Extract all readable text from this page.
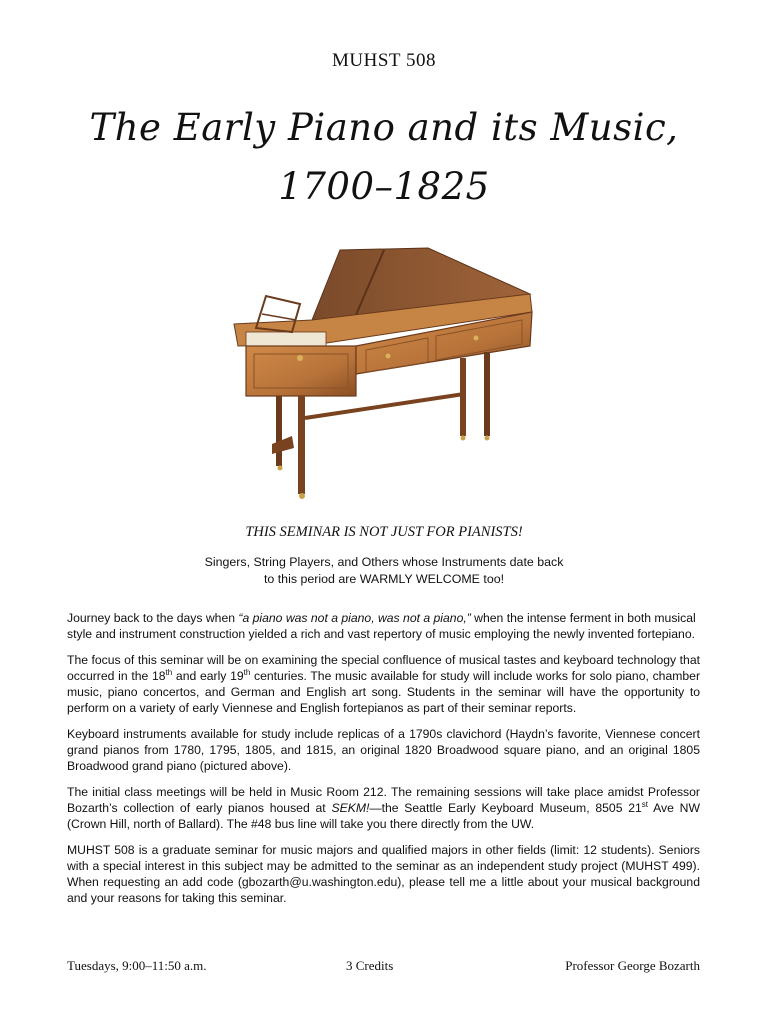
MUHST 508
The Early Piano and its Music,
1700–1825
THIS SEMINAR IS NOT JUST FOR PIANISTS!
Singers, String Players, and Others whose Instruments date back
to this period are WARMLY WELCOME too!

Journey back to the days when “a piano was not a piano, was not a piano,” when the intense ferment in both musical style and instrument construction yielded a rich and vast repertory of music employing the newly invented fortepiano.

The focus of this seminar will be on examining the special confluence of musical tastes and keyboard technology that occurred in the 18th and early 19th centuries. The music available for study will include works for solo piano, chamber music, piano concertos, and German and English art song. Students in the seminar will have the opportunity to perform on a variety of early Viennese and English fortepianos as part of their seminar reports.

Keyboard instruments available for study include replicas of a 1790s clavichord (Haydn’s favorite, Viennese concert grand pianos from 1780, 1795, 1805, and 1815, an original 1820 Broadwood square piano, and an original 1805 Broadwood grand piano (pictured above).

The initial class meetings will be held in Music Room 212. The remaining sessions will take place amidst Professor Bozarth’s collection of early pianos housed at SEKM!—the Seattle Early Keyboard Museum, 8505 21st Ave NW (Crown Hill, north of Ballard). The #48 bus line will take you there directly from the UW.

MUHST 508 is a graduate seminar for music majors and qualified majors in other fields (limit: 12 students). Seniors with a special interest in this subject may be admitted to the seminar as an independent study project (MUHST 499). When requesting an add code (gbozarth@u.washington.edu), please tell me a little about your musical background and your reasons for taking this seminar.

Tuesdays, 9:00–11:50 a.m.	3 Credits	Professor George Bozarth
